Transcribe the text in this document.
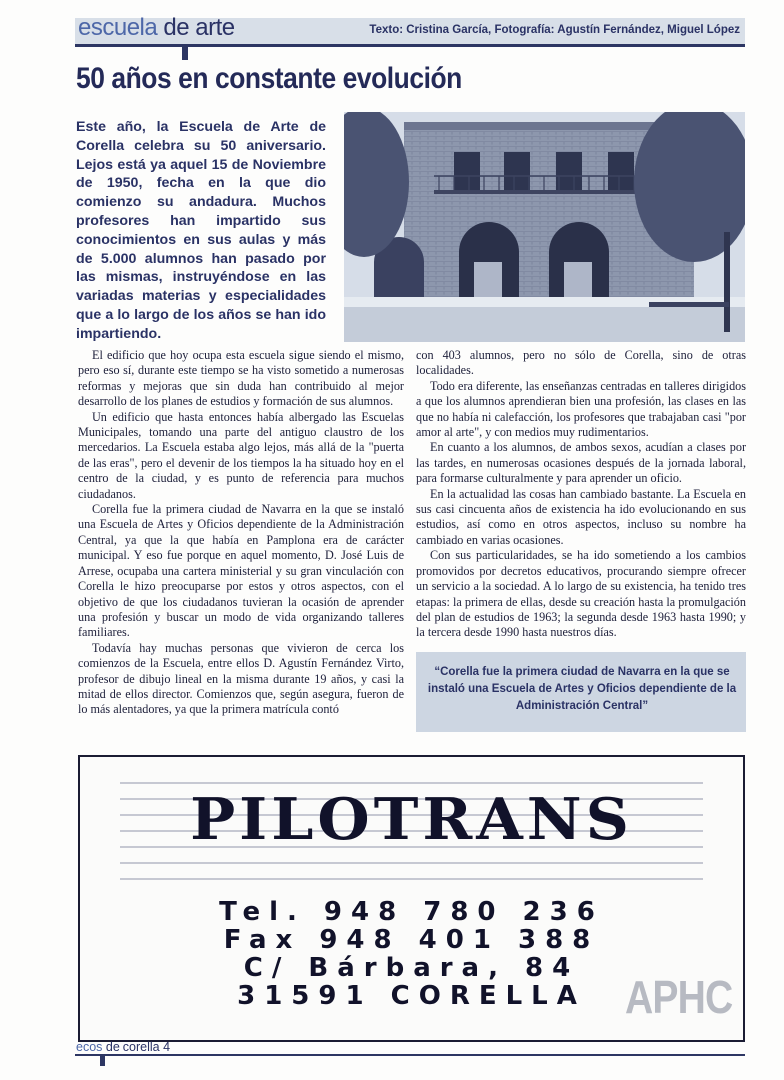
escuela de arte	Texto: Cristina García, Fotografía: Agustín Fernández, Miguel López
50 años en constante evolución
Este año, la Escuela de Arte de Corella celebra su 50 aniversario. Lejos está ya aquel 15 de Noviembre de 1950, fecha en la que dio comienzo su andadura. Muchos profesores han impartido sus conocimientos en sus aulas y más de 5.000 alumnos han pasado por las mismas, instruyéndose en las variadas materias y especialidades que a lo largo de los años se han ido impartiendo.

El edificio que hoy ocupa esta escuela sigue siendo el mismo, pero eso sí, durante este tiempo se ha visto sometido a numerosas reformas y mejoras que sin duda han contribuido al mejor desarrollo de los planes de estudios y formación de sus alumnos.

Un edificio que hasta entonces había albergado las Escuelas Municipales, tomando una parte del antiguo claustro de los mercedarios. La Escuela estaba algo lejos, más allá de la "puerta de las eras", pero el devenir de los tiempos la ha situado hoy en el centro de la ciudad, y es punto de referencia para muchos ciudadanos.

Corella fue la primera ciudad de Navarra en la que se instaló una Escuela de Artes y Oficios dependiente de la Administración Central, ya que la que había en Pamplona era de carácter municipal. Y eso fue porque en aquel momento, D. José Luis de Arrese, ocupaba una cartera ministerial y su gran vinculación con Corella le hizo preocuparse por estos y otros aspectos, con el objetivo de que los ciudadanos tuvieran la ocasión de aprender una profesión y buscar un modo de vida organizando talleres familiares.

Todavía hay muchas personas que vivieron de cerca los comienzos de la Escuela, entre ellos D. Agustín Fernández Virto, profesor de dibujo lineal en la misma durante 19 años, y casi la mitad de ellos director. Comienzos que, según asegura, fueron de lo más alentadores, ya que la primera matrícula contó

con 403 alumnos, pero no sólo de Corella, sino de otras localidades.

Todo era diferente, las enseñanzas centradas en talleres dirigidos a que los alumnos aprendieran bien una profesión, las clases en las que no había ni calefacción, los profesores que trabajaban casi "por amor al arte", y con medios muy rudimentarios.

En cuanto a los alumnos, de ambos sexos, acudían a clases por las tardes, en numerosas ocasiones después de la jornada laboral, para formarse culturalmente y para aprender un oficio.

En la actualidad las cosas han cambiado bastante. La Escuela en sus casi cincuenta años de existencia ha ido evolucionando en sus estudios, así como en otros aspectos, incluso su nombre ha cambiado en varias ocasiones.

Con sus particularidades, se ha ido sometiendo a los cambios promovidos por decretos educativos, procurando siempre ofrecer un servicio a la sociedad. A lo largo de su existencia, ha tenido tres etapas: la primera de ellas, desde su creación hasta la promulgación del plan de estudios de 1963; la segunda desde 1963 hasta 1990; y la tercera desde 1990 hasta nuestros días.

“Corella fue la primera ciudad de Navarra en la que se instaló una Escuela de Artes y Oficios dependiente de la Administración Central”
PILOTRANS
Tel. 948 780 236
Fax 948 401 388
C/ Bárbara, 84
31591 CORELLA APHC
ecos de corella 4
